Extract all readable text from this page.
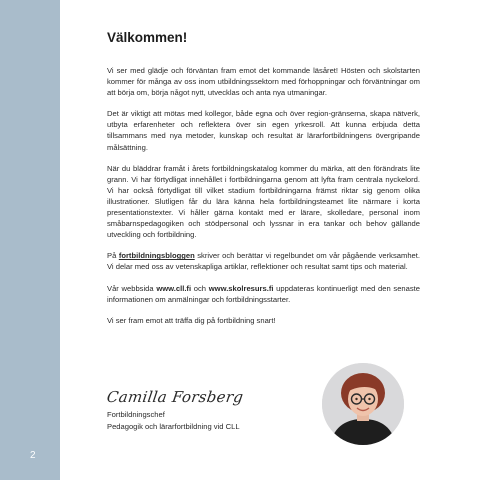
2
Välkommen!

Vi ser med glädje och förväntan fram emot det kommande läsåret! Hösten och skolstarten kommer för många av oss inom utbildningssektorn med förhoppningar och förväntningar om att börja om, börja något nytt, utvecklas och anta nya utmaningar.

Det är viktigt att mötas med kollegor, både egna och över region-gränserna, skapa nätverk, utbyta erfarenheter och reflektera över sin egen yrkesroll. Att kunna erbjuda detta tillsammans med nya metoder, kunskap och resultat är lärarfortbildningens övergripande målsättning.

När du bläddrar framåt i årets fortbildningskatalog kommer du märka, att den förändrats lite grann. Vi har förtydligat innehållet i fortbildningarna genom att lyfta fram centrala nyckelord. Vi har också förtydligat till vilket stadium fortbildningarna främst riktar sig genom olika illustrationer. Slutligen får du lära känna hela fortbildningsteamet lite närmare i korta presentationstexter. Vi håller gärna kontakt med er lärare, skolledare, personal inom småbarnspedagogiken och stödpersonal och lyssnar in era tankar och behov gällande utveckling och fortbildning.

På fortbildningsbloggen skriver och berättar vi regelbundet om vår pågående verksamhet. Vi delar med oss av vetenskapliga artiklar, reflektioner och resultat samt tips och material.

Vår webbsida www.cll.fi och www.skolresurs.fi uppdateras kontinuerligt med den senaste informationen om anmälningar och fortbildningsstarter.

Vi ser fram emot att träffa dig på fortbildning snart!

Camilla Forsberg
Fortbildningschef
Pedagogik och lärarfortbildning vid CLL
